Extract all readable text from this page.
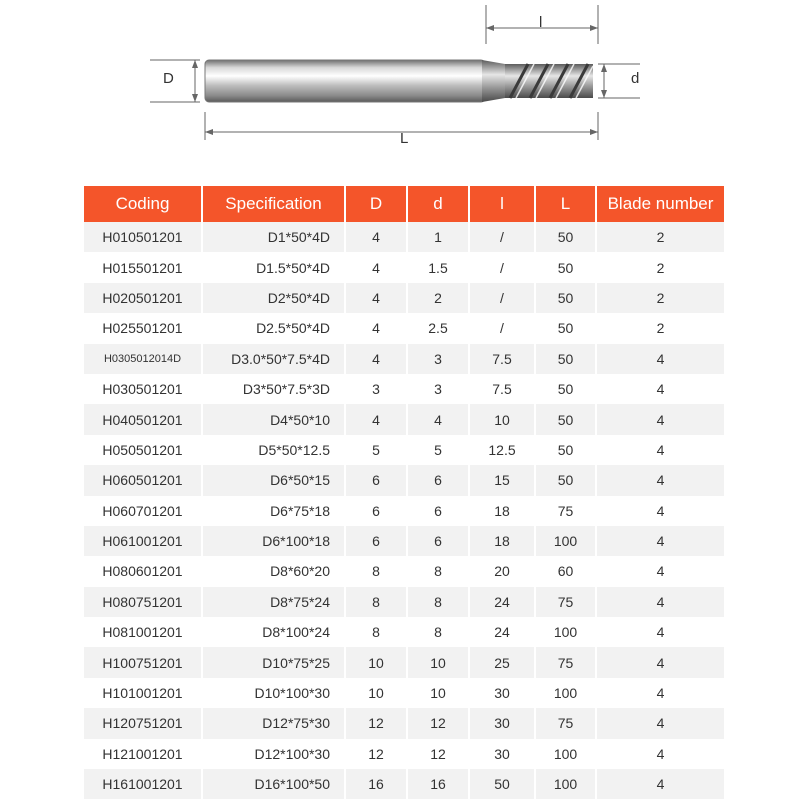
D	d
l
L
Coding	Specification	D	d	l	L	Blade number
H010501201	D1*50*4D	4	1	/	50	2
H015501201	D1.5*50*4D	4	1.5	/	50	2
H020501201	D2*50*4D	4	2	/	50	2
H025501201	D2.5*50*4D	4	2.5	/	50	2
H0305012014D	D3.0*50*7.5*4D	4	3	7.5	50	4
H030501201	D3*50*7.5*3D	3	3	7.5	50	4
H040501201	D4*50*10	4	4	10	50	4
H050501201	D5*50*12.5	5	5	12.5	50	4
H060501201	D6*50*15	6	6	15	50	4
H060701201	D6*75*18	6	6	18	75	4
H061001201	D6*100*18	6	6	18	100	4
H080601201	D8*60*20	8	8	20	60	4
H080751201	D8*75*24	8	8	24	75	4
H081001201	D8*100*24	8	8	24	100	4
H100751201	D10*75*25	10	10	25	75	4
H101001201	D10*100*30	10	10	30	100	4
H120751201	D12*75*30	12	12	30	75	4
H121001201	D12*100*30	12	12	30	100	4
H161001201	D16*100*50	16	16	50	100	4
